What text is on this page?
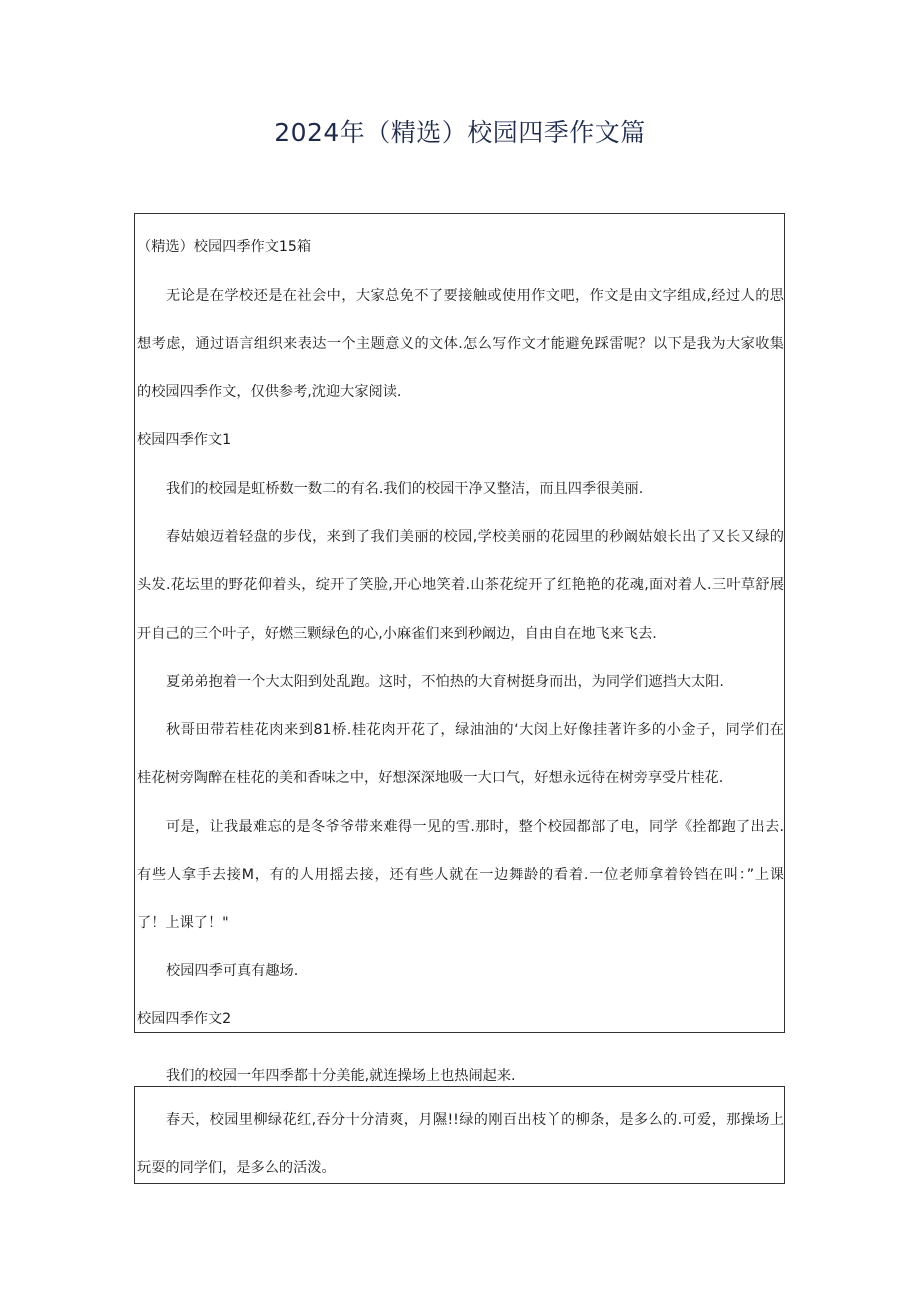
2024年（精选）校园四季作文篇
（精选）校园四季作文15箱
无论是在学校还是在社会中，大家总免不了要接触或使用作文吧，作文是由文字组成,经过人的思
想考虑，通过语言组织来表达一个主题意义的文体.怎么写作文才能避免踩雷呢？以下是我为大家收集
的校园四季作文，仅供参考,沈迎大家阅读.
校园四季作文1
我们的校园是虹桥数一数二的有名.我们的校园干净又整洁，而且四季很美丽.
春姑娘迈着轻盘的步伐，来到了我们美丽的校园,学校美丽的花园里的秒阚姑娘长出了又长又绿的
头发.花坛里的野花仰着头，绽开了笑脸,开心地笑着.山茶花绽开了红艳艳的花魂,面对着人.三叶草舒展
开自己的三个叶子，好燃三颗绿色的心,小麻雀们来到秒阚边，自由自在地飞来飞去.
夏弟弟抱着一个大太阳到处乱跑。这时，不怕热的大育树挺身而出，为同学们遮挡大太阳.
秋哥田带若桂花肉来到81桥.桂花肉开花了，绿油油的‘大闵上好像挂著许多的小金子，同学们在
桂花树旁陶醉在桂花的美和香味之中，好想深深地吸一大口气，好想永远待在树旁享受片桂花.
可是，让我最难忘的是冬爷爷带来难得一见的雪.那时，整个校园都部了电，同学《拴都跑了出去.
有些人拿手去接M，有的人用摇去接，还有些人就在一边舞龄的看着.一位老师拿着铃铛在叫：”上课
了！上课了！"
校园四季可真有趣场.
校园四季作文2
我们的校园一年四季都十分美能,就连操场上也热闹起来.
春天，校园里柳绿花红,吞分十分清爽，月隰!!绿的刚百出枝丫的柳条，是多么的.可爱，那操场上
玩耍的同学们，是多么的活泼。
